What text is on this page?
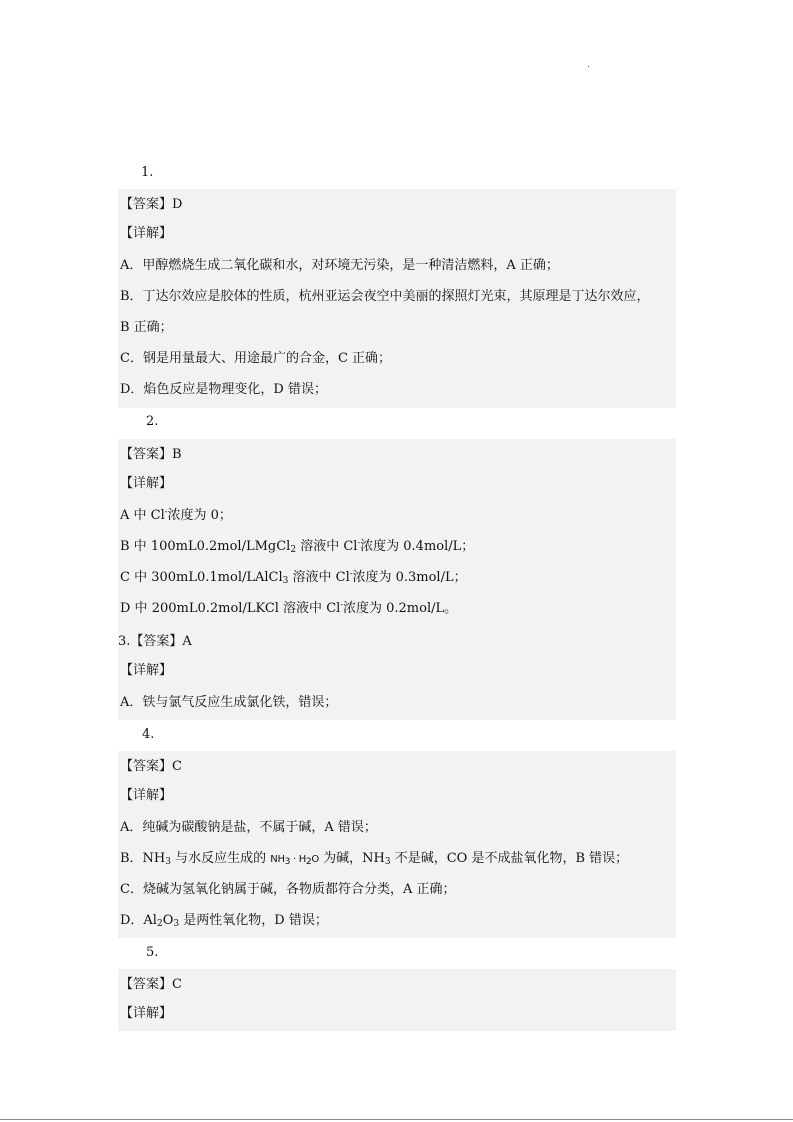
1.
【答案】D
【详解】
A．甲醇燃烧生成二氧化碳和水，对环境无污染，是一种清洁燃料，A 正确；
B．丁达尔效应是胶体的性质，杭州亚运会夜空中美丽的探照灯光束，其原理是丁达尔效应，
B 正确；
C．钢是用量最大、用途最广的合金，C 正确；
D．焰色反应是物理变化，D 错误；
2.
【答案】B
【详解】
A 中 Cl-浓度为 0；
B 中 100mL0.2mol/LMgCl$_2$ 溶液中 Cl-浓度为 0.4mol/L；
C 中 300mL0.1mol/LAlCl$_3$ 溶液中 Cl-浓度为 0.3mol/L；
D 中 200mL0.2mol/LKCl 溶液中 Cl-浓度为 0.2mol/L。
3.【答案】A
【详解】
A．铁与氯气反应生成氯化铁，错误；
4.
【答案】C
【详解】
A．纯碱为碳酸钠是盐，不属于碱，A 错误；
B．$NH_3$ 与水反应生成的 $NH_3 \cdot H_2O$ 为碱，$NH_3$ 不是碱，CO 是不成盐氧化物，B 错误；
C．烧碱为氢氧化钠属于碱，各物质都符合分类，A 正确；
D．$Al_2O_3$ 是两性氧化物，D 错误；
5.
【答案】C
【详解】
